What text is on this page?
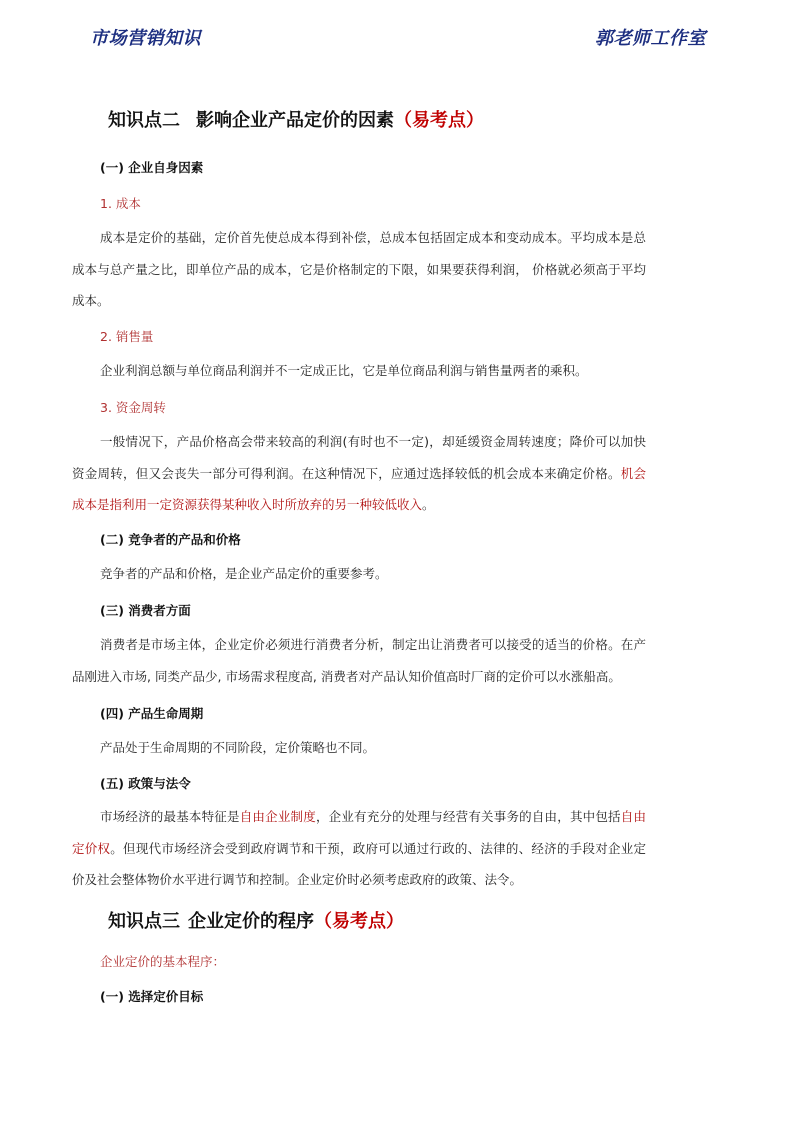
市场营销知识	郭老师工作室
知识点二 影响企业产品定价的因素（易考点）
(一) 企业自身因素
1. 成本
成本是定价的基础，定价首先使总成本得到补偿，总成本包括固定成本和变动成本。平均成本是总成本与总产量之比，即单位产品的成本，它是价格制定的下限，如果要获得利润， 价格就必须高于平均成本。
2. 销售量
企业利润总额与单位商品利润并不一定成正比，它是单位商品利润与销售量两者的乘积。
3. 资金周转
一般情况下，产品价格高会带来较高的利润(有时也不一定)，却延缓资金周转速度；降价可以加快资金周转，但又会丧失一部分可得利润。在这种情况下，应通过选择较低的机会成本来确定价格。机会成本是指利用一定资源获得某种收入时所放弃的另一种较低收入。
(二) 竞争者的产品和价格
竞争者的产品和价格，是企业产品定价的重要参考。
(三) 消费者方面
消费者是市场主体，企业定价必须进行消费者分析，制定出让消费者可以接受的适当的价格。在产品刚进入市场, 同类产品少, 市场需求程度高, 消费者对产品认知价值高时厂商的定价可以水涨船高。
(四) 产品生命周期
产品处于生命周期的不同阶段，定价策略也不同。
(五) 政策与法令
市场经济的最基本特征是自由企业制度，企业有充分的处理与经营有关事务的自由，其中包括自由定价权。但现代市场经济会受到政府调节和干预，政府可以通过行政的、法律的、经济的手段对企业定价及社会整体物价水平进行调节和控制。企业定价时必须考虑政府的政策、法令。
知识点三 企业定价的程序（易考点）
企业定价的基本程序：
(一) 选择定价目标
